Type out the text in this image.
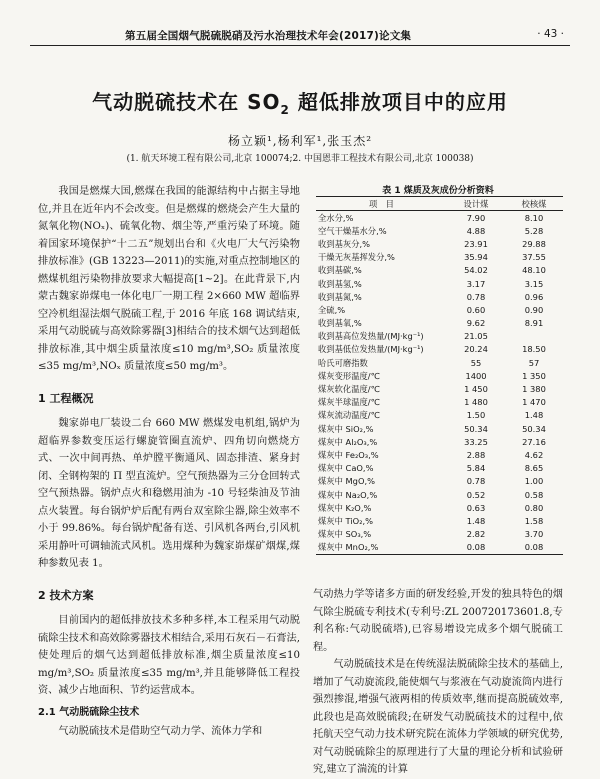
第五届全国烟气脱硫脱硝及污水治理技术年会(2017)论文集	· 43 ·
气动脱硫技术在 $SO_2$ 超低排放项目中的应用
杨立颖¹,杨利军¹,张玉杰²
(1. 航天环境工程有限公司,北京 100074;2. 中国恩菲工程技术有限公司,北京 100038)

我国是燃煤大国,燃煤在我国的能源结构中占据主导地位,并且在近年内不会改变。但是燃煤的燃烧会产生大量的氮氧化物(NOₓ)、硫氧化物、烟尘等,严重污染了环境。随着国家环境保护“十二五”规划出台和《火电厂大气污染物排放标准》(GB 13223—2011)的实施,对重点控制地区的燃煤机组污染物排放要求大幅提高[1~2]。在此背景下,内蒙古魏家峁煤电一体化电厂一期工程 2×660 MW 超临界空冷机组湿法烟气脱硫工程,于 2016 年底 168 调试结束,采用气动脱硫与高效除雾器[3]相结合的技术烟气达到超低排放标准,其中烟尘质量浓度≤10 mg/m³,SO₂ 质量浓度≤35 mg/m³,NOₓ 质量浓度≤50 mg/m³。

1 工程概况

魏家峁电厂装设二台 660 MW 燃煤发电机组,锅炉为超临界参数变压运行螺旋管圈直流炉、四角切向燃烧方式、一次中间再热、单炉膛平衡通风、固态排渣、紧身封闭、全钢构架的 Π 型直流炉。空气预热器为三分仓回转式空气预热器。锅炉点火和稳燃用油为 -10 号轻柴油及节油点火装置。每台锅炉炉后配有两台双室除尘器,除尘效率不小于 99.86%。每台锅炉配备有送、引风机各两台,引风机采用静叶可调轴流式风机。选用煤种为魏家峁煤矿烟煤,煤种参数见表 1。

2 技术方案

目前国内的超低排放技术多种多样,本工程采用气动脱硫除尘技术和高效除雾器技术相结合,采用石灰石－石膏法,使处理后的烟气达到超低排放标准,烟尘质量浓度≤10 mg/m³,SO₂ 质量浓度≤35 mg/m³,并且能够降低工程投资、减少占地面积、节约运营成本。

2.1 气动脱硫除尘技术

气动脱硫技术是借助空气动力学、流体力学和

表 1 煤质及灰成份分析资料
项　目	设计煤	校核煤
全水分,%	7.90	8.10
空气干燥基水分,%	4.88	5.28
收到基灰分,%	23.91	29.88
干燥无灰基挥发分,%	35.94	37.55
收到基碳,%	54.02	48.10
收到基氢,%	3.17	3.15
收到基氮,%	0.78	0.96
全硫,%	0.60	0.90
收到基氧,%	9.62	8.91
收到基高位发热量/(MJ·kg⁻¹)	21.05	
收到基低位发热量/(MJ·kg⁻¹)	20.24	18.50
哈氏可磨指数	55	57
煤灰变形温度/℃	1400	1 350
煤灰软化温度/℃	1 450	1 380
煤灰半球温度/℃	1 480	1 470
煤灰流动温度/℃	1.50	1.48
煤灰中 SiO₂,%	50.34	50.34
煤灰中 Al₂O₃,%	33.25	27.16
煤灰中 Fe₂O₃,%	2.88	4.62
煤灰中 CaO,%	5.84	8.65
煤灰中 MgO,%	0.78	1.00
煤灰中 Na₂O,%	0.52	0.58
煤灰中 K₂O,%	0.63	0.80
煤灰中 TiO₂,%	1.48	1.58
煤灰中 SO₃,%	2.82	3.70
煤灰中 MnO₂,%	0.08	0.08

气动热力学等诸多方面的研发经验,开发的独具特色的烟气除尘脱硫专利技术(专利号:ZL 200720173601.8,专利名称:气动脱硫塔),已容易增设完成多个烟气脱硫工程。

气动脱硫技术是在传统湿法脱硫除尘技术的基础上,增加了气动旋流段,能使烟气与浆液在气动旋流筒内进行强烈掺混,增强气液两相的传质效率,继而提高脱硫效率,此段也是高效脱硫段;在研发气动脱硫技术的过程中,依托航天空气动力技术研究院在流体力学领域的研究优势,对气动脱硫除尘的原理进行了大量的理论分析和试验研究,建立了湍流的计算
